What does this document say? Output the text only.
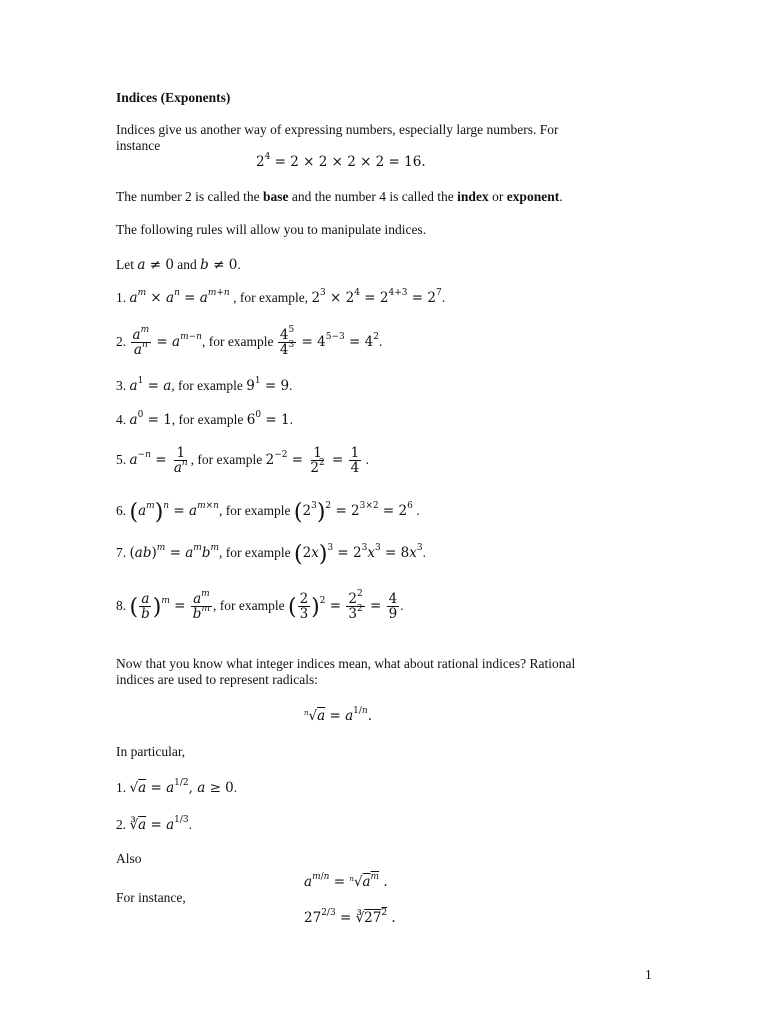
Indices (Exponents)
Indices give us another way of expressing numbers, especially large numbers. For
instance
$2^4 = 2 \times 2 \times 2 \times 2 = 16$.
The number 2 is called the base and the number 4 is called the index or exponent.
The following rules will allow you to manipulate indices.
Let a ≠ 0 and b ≠ 0.
1. $a^m \times a^n = a^{m+n}$ , for example, $2^3 \times 2^4 = 2^{4+3} = 2^7$.
2. $\frac{a^m}{a^n} = a^{m-n}$, for example $\frac{4^5}{4^3} = 4^{5-3} = 4^2$.
3. $a^1 = a$, for example $9^1 = 9$.
4. $a^0 = 1$, for example $6^0 = 1$.
5. $a^{-n} = \frac{1}{a^n}$ , for example $2^{-2} = \frac{1}{2^2} = \frac{1}{4}$ .
6. $(a^m)^n = a^{m\times n}$, for example $(2^3)^2 = 2^{3\times 2} = 2^6$ .
7. $(ab)^m = a^mb^m$, for example $(2x)^3 = 2^3x^3 = 8x^3$.
8. ( $\frac{a}{b} )^m = \frac{a^m}{b^m}$ , for example ( $\frac{2}{3} )^2 = \frac{2^2}{3^2} = \frac{4}{9}$ .
Now that you know what integer indices mean, what about rational indices? Rational
indices are used to represent radicals:
$^n√a = a^{1/n}$.
In particular,
1. $√a = a^{1/2}$, a ≥ 0.
2. $∛\overline{a} = a^{1/3}$.
Also
$a^{m/n} = ^n√a^m$ .
For instance,
$27^{2/3}$ = $∛27^2$ .
1
